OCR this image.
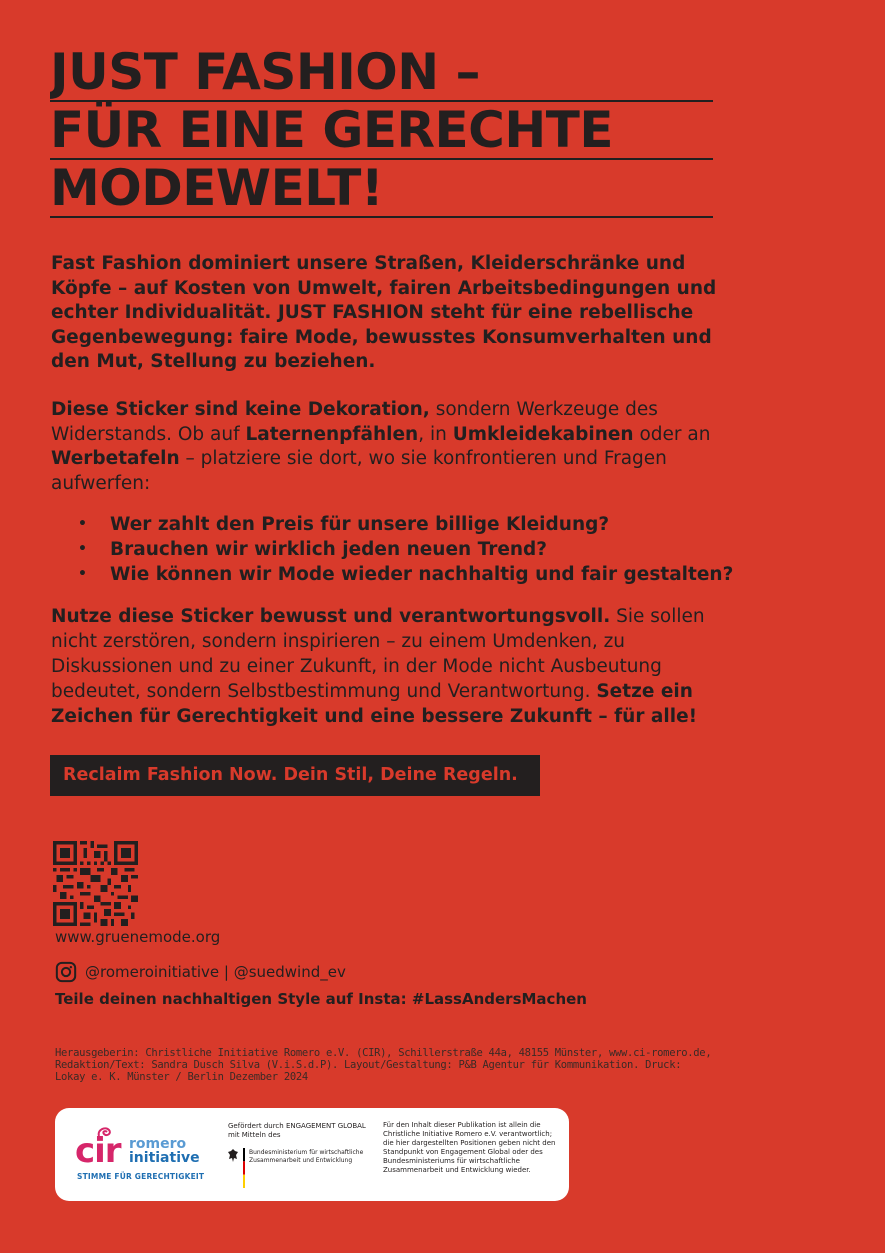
JUST FASHION –
FÜR EINE GERECHTE
MODEWELT!

Fast Fashion dominiert unsere Straßen, Kleiderschränke und Köpfe – auf Kosten von Umwelt, fairen Arbeitsbedingungen und echter Individualität. JUST FASHION steht für eine rebellische Gegenbewegung: faire Mode, bewusstes Konsumverhalten und den Mut, Stellung zu beziehen.

Diese Sticker sind keine Dekoration, sondern Werkzeuge des Widerstands. Ob auf Laternenpfählen, in Umkleidekabinen oder an Werbetafeln – platziere sie dort, wo sie konfrontieren und Fragen aufwerfen:

• Wer zahlt den Preis für unsere billige Kleidung?
• Brauchen wir wirklich jeden neuen Trend?
• Wie können wir Mode wieder nachhaltig und fair gestalten?

Nutze diese Sticker bewusst und verantwortungsvoll. Sie sollen nicht zerstören, sondern inspirieren – zu einem Umdenken, zu Diskussionen und zu einer Zukunft, in der Mode nicht Ausbeutung bedeutet, sondern Selbstbestimmung und Verantwortung. Setze ein Zeichen für Gerechtigkeit und eine bessere Zukunft – für alle!

Reclaim Fashion Now. Dein Stil, Deine Regeln.
www.gruenemode.org
@romeroinitiative | @suedwind_ev
Teile deinen nachhaltigen Style auf Insta: #LassAndersMachen

Herausgeberin: Christliche Initiative Romero e.V. (CIR), Schillerstraße 44a, 48155 Münster, www.ci-romero.de, Redaktion/Text: Sandra Dusch Silva (V.i.S.d.P). Layout/Gestaltung: P&B Agentur für Kommunikation. Druck: Lokay e. K. Münster / Berlin Dezember 2024

cir romero
initiative
STIMME FÜR GERECHTIGKEIT
Gefördert durch ENGAGEMENT GLOBAL mit Mitteln des
Bundesministerium für wirtschaftliche Zusammenarbeit und Entwicklung
Für den Inhalt dieser Publikation ist allein die Christliche Initiative Romero e.V. verantwortlich; die hier dargestellten Positionen geben nicht den Standpunkt von Engagement Global oder des Bundesministeriums für wirtschaftliche Zusammenarbeit und Entwicklung wieder.
